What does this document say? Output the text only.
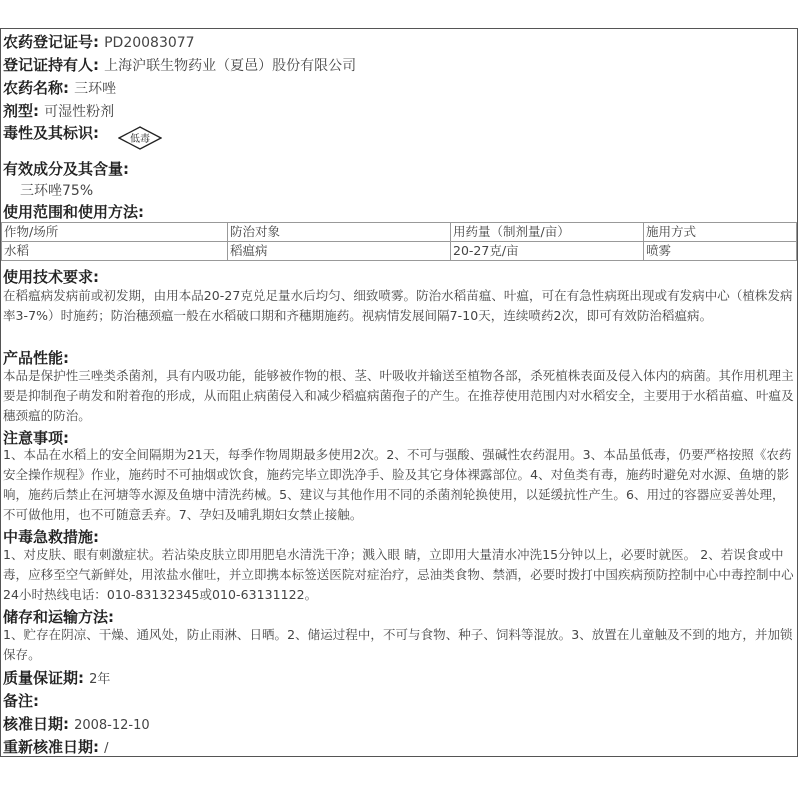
农药登记证号: PD20083077
登记证持有人: 上海沪联生物药业（夏邑）股份有限公司
农药名称: 三环唑
剂型: 可湿性粉剂
毒性及其标识:	低毒
有效成分及其含量:
三环唑75%
使用范围和使用方法:
作物/场所	防治对象	用药量（制剂量/亩）	施用方式
水稻	稻瘟病	20-27克/亩	喷雾
使用技术要求:
在稻瘟病发病前或初发期，由用本品20-27克兑足量水后均匀、细致喷雾。防治水稻苗瘟、叶瘟，可在有急性病斑出现或有发病中心（植株发病率3-7%）时施药；防治穗颈瘟一般在水稻破口期和齐穗期施药。视病情发展间隔7-10天，连续喷药2次，即可有效防治稻瘟病。
产品性能:
本品是保护性三唑类杀菌剂，具有内吸功能，能够被作物的根、茎、叶吸收并输送至植物各部，杀死植株表面及侵入体内的病菌。其作用机理主要是抑制孢子萌发和附着孢的形成，从而阻止病菌侵入和减少稻瘟病菌孢子的产生。在推荐使用范围内对水稻安全，主要用于水稻苗瘟、叶瘟及穗颈瘟的防治。
注意事项:
1、本品在水稻上的安全间隔期为21天，每季作物周期最多使用2次。2、不可与强酸、强碱性农药混用。3、本品虽低毒，仍要严格按照《农药安全操作规程》作业，施药时不可抽烟或饮食，施药完毕立即洗净手、脸及其它身体裸露部位。4、对鱼类有毒，施药时避免对水源、鱼塘的影响，施药后禁止在河塘等水源及鱼塘中清洗药械。5、建议与其他作用不同的杀菌剂轮换使用，以延缓抗性产生。6、用过的容器应妥善处理，不可做他用，也不可随意丢弃。7、孕妇及哺乳期妇女禁止接触。
中毒急救措施:
1、对皮肤、眼有刺激症状。若沾染皮肤立即用肥皂水清洗干净；溅入眼 睛，立即用大量清水冲洗15分钟以上，必要时就医。 2、若误食或中毒，应移至空气新鲜处，用浓盐水催吐，并立即携本标签送医院对症治疗，忌油类食物、禁酒，必要时拨打中国疾病预防控制中心中毒控制中心24小时热线电话：010-83132345或010-63131122。
储存和运输方法:
1、贮存在阴凉、干燥、通风处，防止雨淋、日晒。2、储运过程中，不可与食物、种子、饲料等混放。3、放置在儿童触及不到的地方，并加锁保存。
质量保证期: 2年
备注:
核准日期: 2008-12-10
重新核准日期: /
